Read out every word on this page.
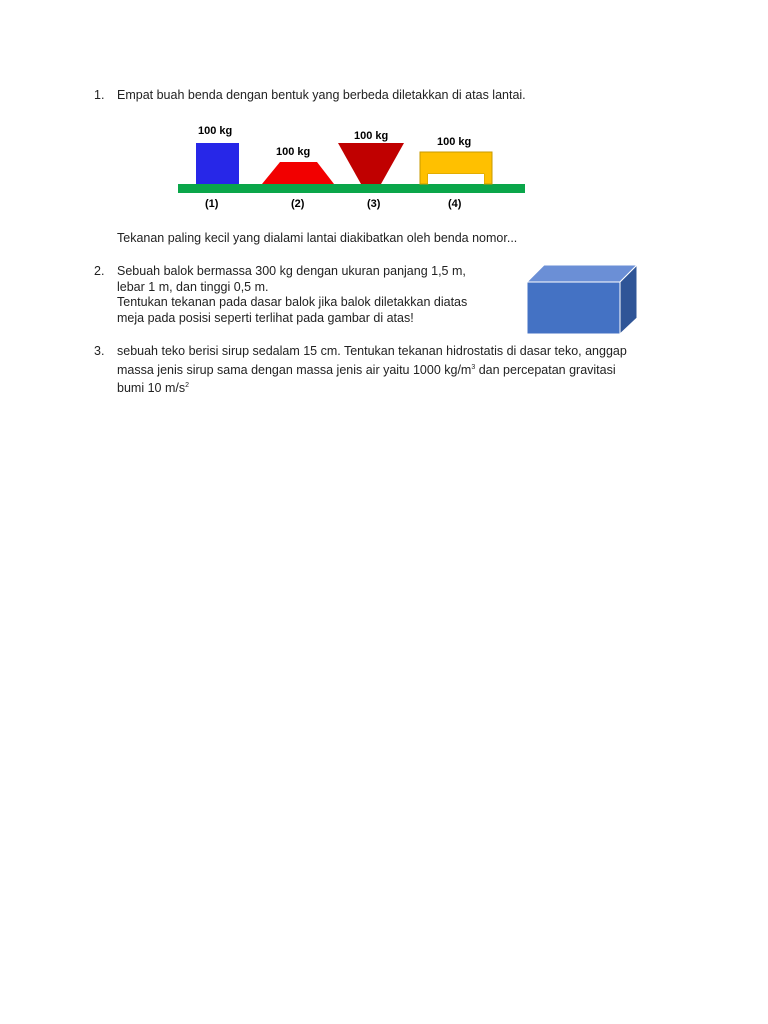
1. Empat buah benda dengan bentuk yang berbeda diletakkan di atas lantai.
100 kg
100 kg
100 kg	100 kg
(1)	(2)	(3)	(4)
Tekanan paling kecil yang dialami lantai diakibatkan oleh benda nomor...
2. Sebuah balok bermassa 300 kg dengan ukuran panjang 1,5 m,
lebar 1 m, dan tinggi 0,5 m.
Tentukan tekanan pada dasar balok jika balok diletakkan diatas
meja pada posisi seperti terlihat pada gambar di atas!
3. sebuah teko berisi sirup sedalam 15 cm. Tentukan tekanan hidrostatis di dasar teko, anggap
massa jenis sirup sama dengan massa jenis air yaitu 1000 $kg/m^3$ dan percepatan gravitasi
bumi 10 $m/s^2$
